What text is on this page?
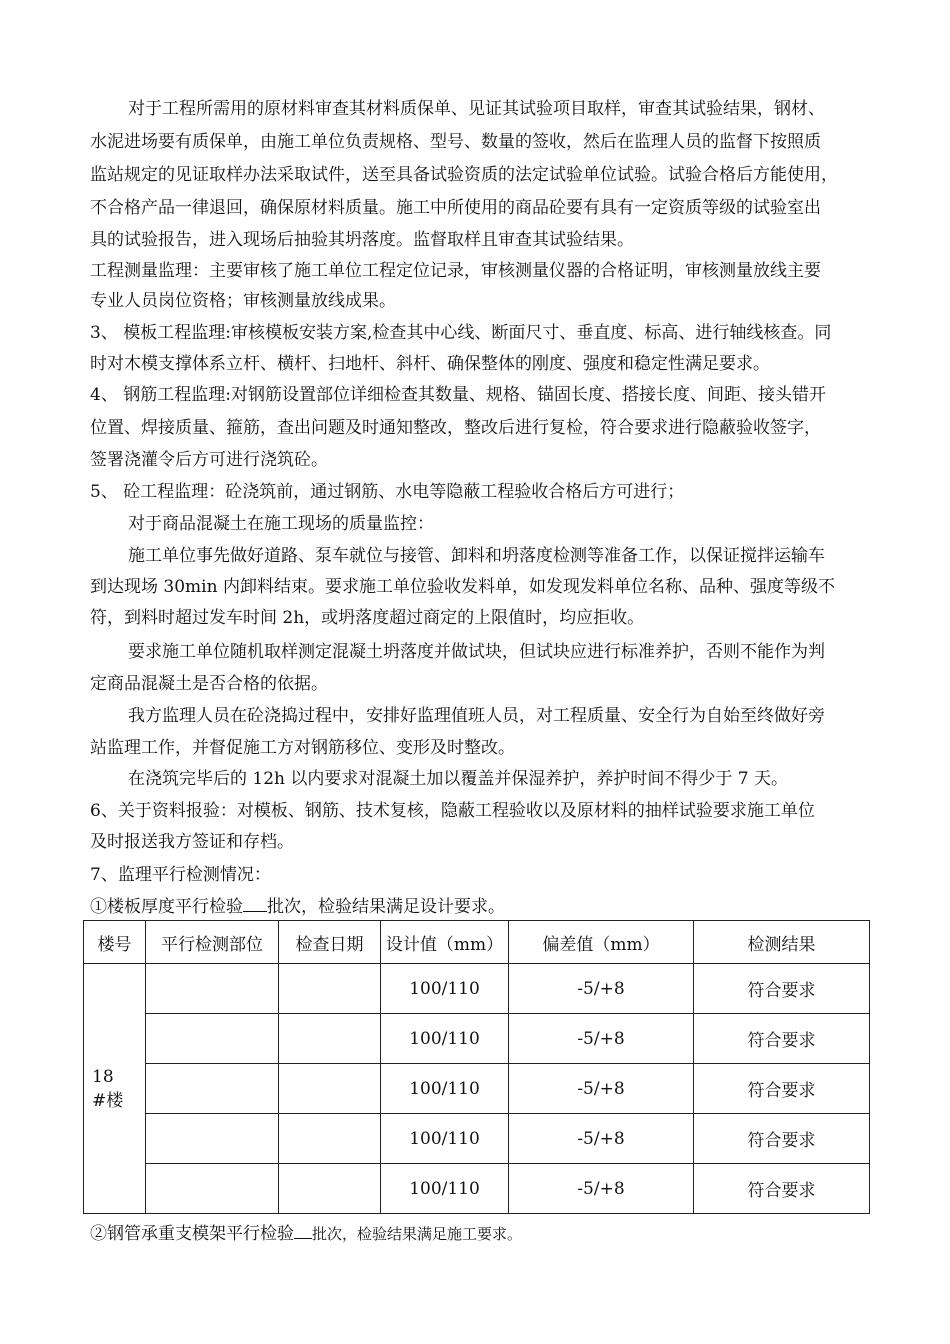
对于工程所需用的原材料审查其材料质保单、见证其试验项目取样，审查其试验结果，钢材、
水泥进场要有质保单，由施工单位负责规格、型号、数量的签收，然后在监理人员的监督下按照质
监站规定的见证取样办法采取试件，送至具备试验资质的法定试验单位试验。试验合格后方能使用，
不合格产品一律退回，确保原材料质量。施工中所使用的商品砼要有具有一定资质等级的试验室出
具的试验报告，进入现场后抽验其坍落度。监督取样且审查其试验结果。
工程测量监理：主要审核了施工单位工程定位记录，审核测量仪器的合格证明，审核测量放线主要
专业人员岗位资格；审核测量放线成果。
3、 模板工程监理:审核模板安装方案,检查其中心线、断面尺寸、垂直度、标高、进行轴线核查。同
时对木模支撑体系立杆、横杆、扫地杆、斜杆、确保整体的刚度、强度和稳定性满足要求。
4、 钢筋工程监理:对钢筋设置部位详细检查其数量、规格、锚固长度、搭接长度、间距、接头错开
位置、焊接质量、箍筋，查出问题及时通知整改，整改后进行复检，符合要求进行隐蔽验收签字，
签署浇灌令后方可进行浇筑砼。
5、 砼工程监理：砼浇筑前，通过钢筋、水电等隐蔽工程验收合格后方可进行；
对于商品混凝土在施工现场的质量监控：
施工单位事先做好道路、泵车就位与接管、卸料和坍落度检测等准备工作，以保证搅拌运输车
到达现场 30min 内卸料结束。要求施工单位验收发料单，如发现发料单位名称、品种、强度等级不
符，到料时超过发车时间 2h，或坍落度超过商定的上限值时，均应拒收。
要求施工单位随机取样测定混凝土坍落度并做试块，但试块应进行标准养护，否则不能作为判
定商品混凝土是否合格的依据。
我方监理人员在砼浇捣过程中，安排好监理值班人员，对工程质量、安全行为自始至终做好旁
站监理工作，并督促施工方对钢筋移位、变形及时整改。
在浇筑完毕后的 12h 以内要求对混凝土加以覆盖并保湿养护，养护时间不得少于 7 天。
6、关于资料报验：对模板、钢筋、技术复核，隐蔽工程验收以及原材料的抽样试验要求施工单位
及时报送我方签证和存档。
7、监理平行检测情况：
①楼板厚度平行检验 批次，检验结果满足设计要求。
楼号	平行检测部位	检查日期	设计值（mm）	偏差值（mm）	检测结果
18#楼			100/110	-5/+8	符合要求
			100/110	-5/+8	符合要求
			100/110	-5/+8	符合要求
			100/110	-5/+8	符合要求
			100/110	-5/+8	符合要求
②钢管承重支模架平行检验 批次，检验结果满足施工要求。
